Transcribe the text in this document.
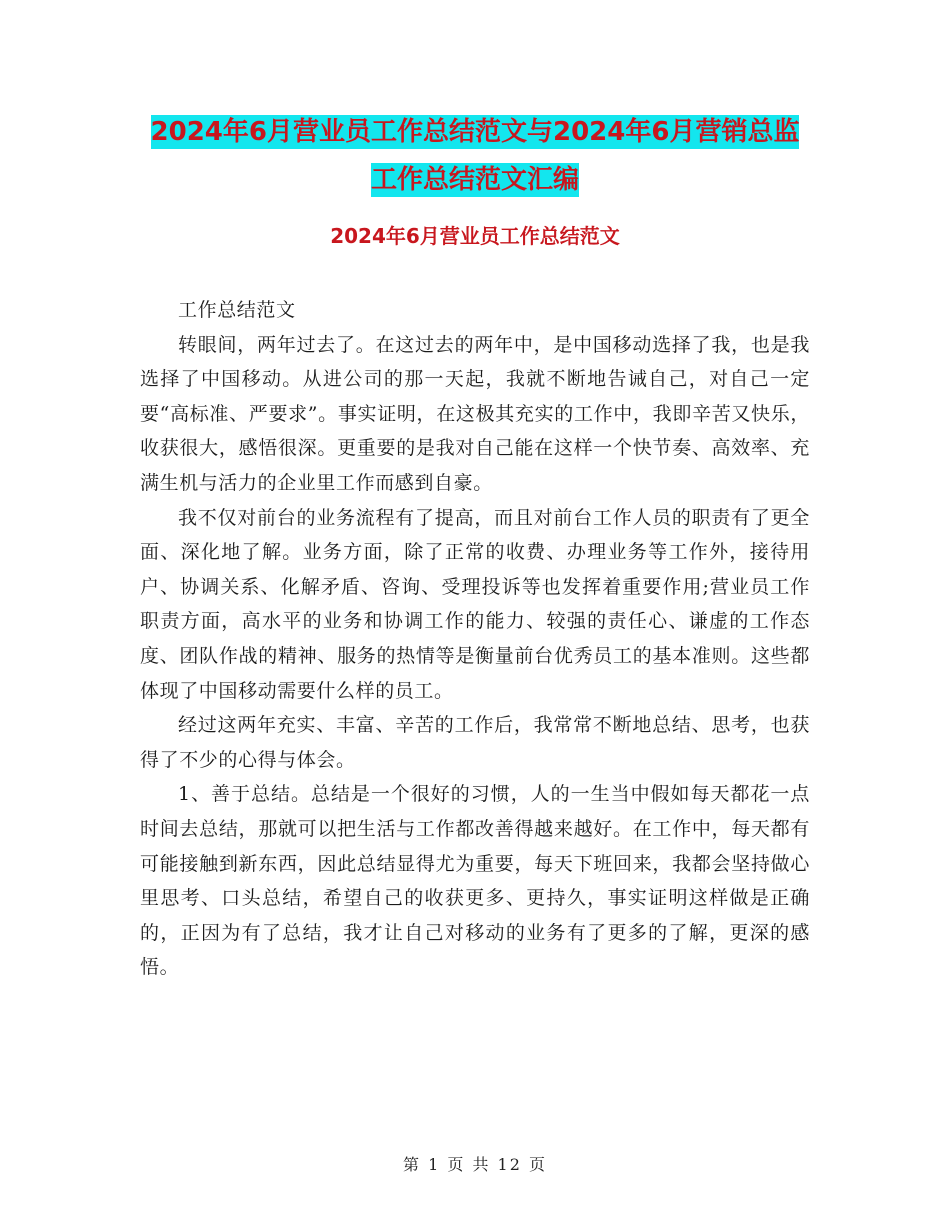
2024年6月营业员工作总结范文与2024年6月营销总监工作总结范文汇编
2024年6月营业员工作总结范文

工作总结范文

转眼间，两年过去了。在这过去的两年中，是中国移动选择了我，也是我选择了中国移动。从进公司的那一天起，我就不断地告诫自己，对自己一定要“高标准、严要求”。事实证明，在这极其充实的工作中，我即辛苦又快乐，收获很大，感悟很深。更重要的是我对自己能在这样一个快节奏、高效率、充满生机与活力的企业里工作而感到自豪。

我不仅对前台的业务流程有了提高，而且对前台工作人员的职责有了更全面、深化地了解。业务方面，除了正常的收费、办理业务等工作外，接待用户、协调关系、化解矛盾、咨询、受理投诉等也发挥着重要作用;营业员工作职责方面，高水平的业务和协调工作的能力、较强的责任心、谦虚的工作态度、团队作战的精神、服务的热情等是衡量前台优秀员工的基本准则。这些都体现了中国移动需要什么样的员工。

经过这两年充实、丰富、辛苦的工作后，我常常不断地总结、思考，也获得了不少的心得与体会。

1、善于总结。总结是一个很好的习惯，人的一生当中假如每天都花一点时间去总结，那就可以把生活与工作都改善得越来越好。在工作中，每天都有可能接触到新东西，因此总结显得尤为重要，每天下班回来，我都会坚持做心里思考、口头总结，希望自己的收获更多、更持久，事实证明这样做是正确的，正因为有了总结，我才让自己对移动的业务有了更多的了解，更深的感悟。

第 1 页 共 12 页
